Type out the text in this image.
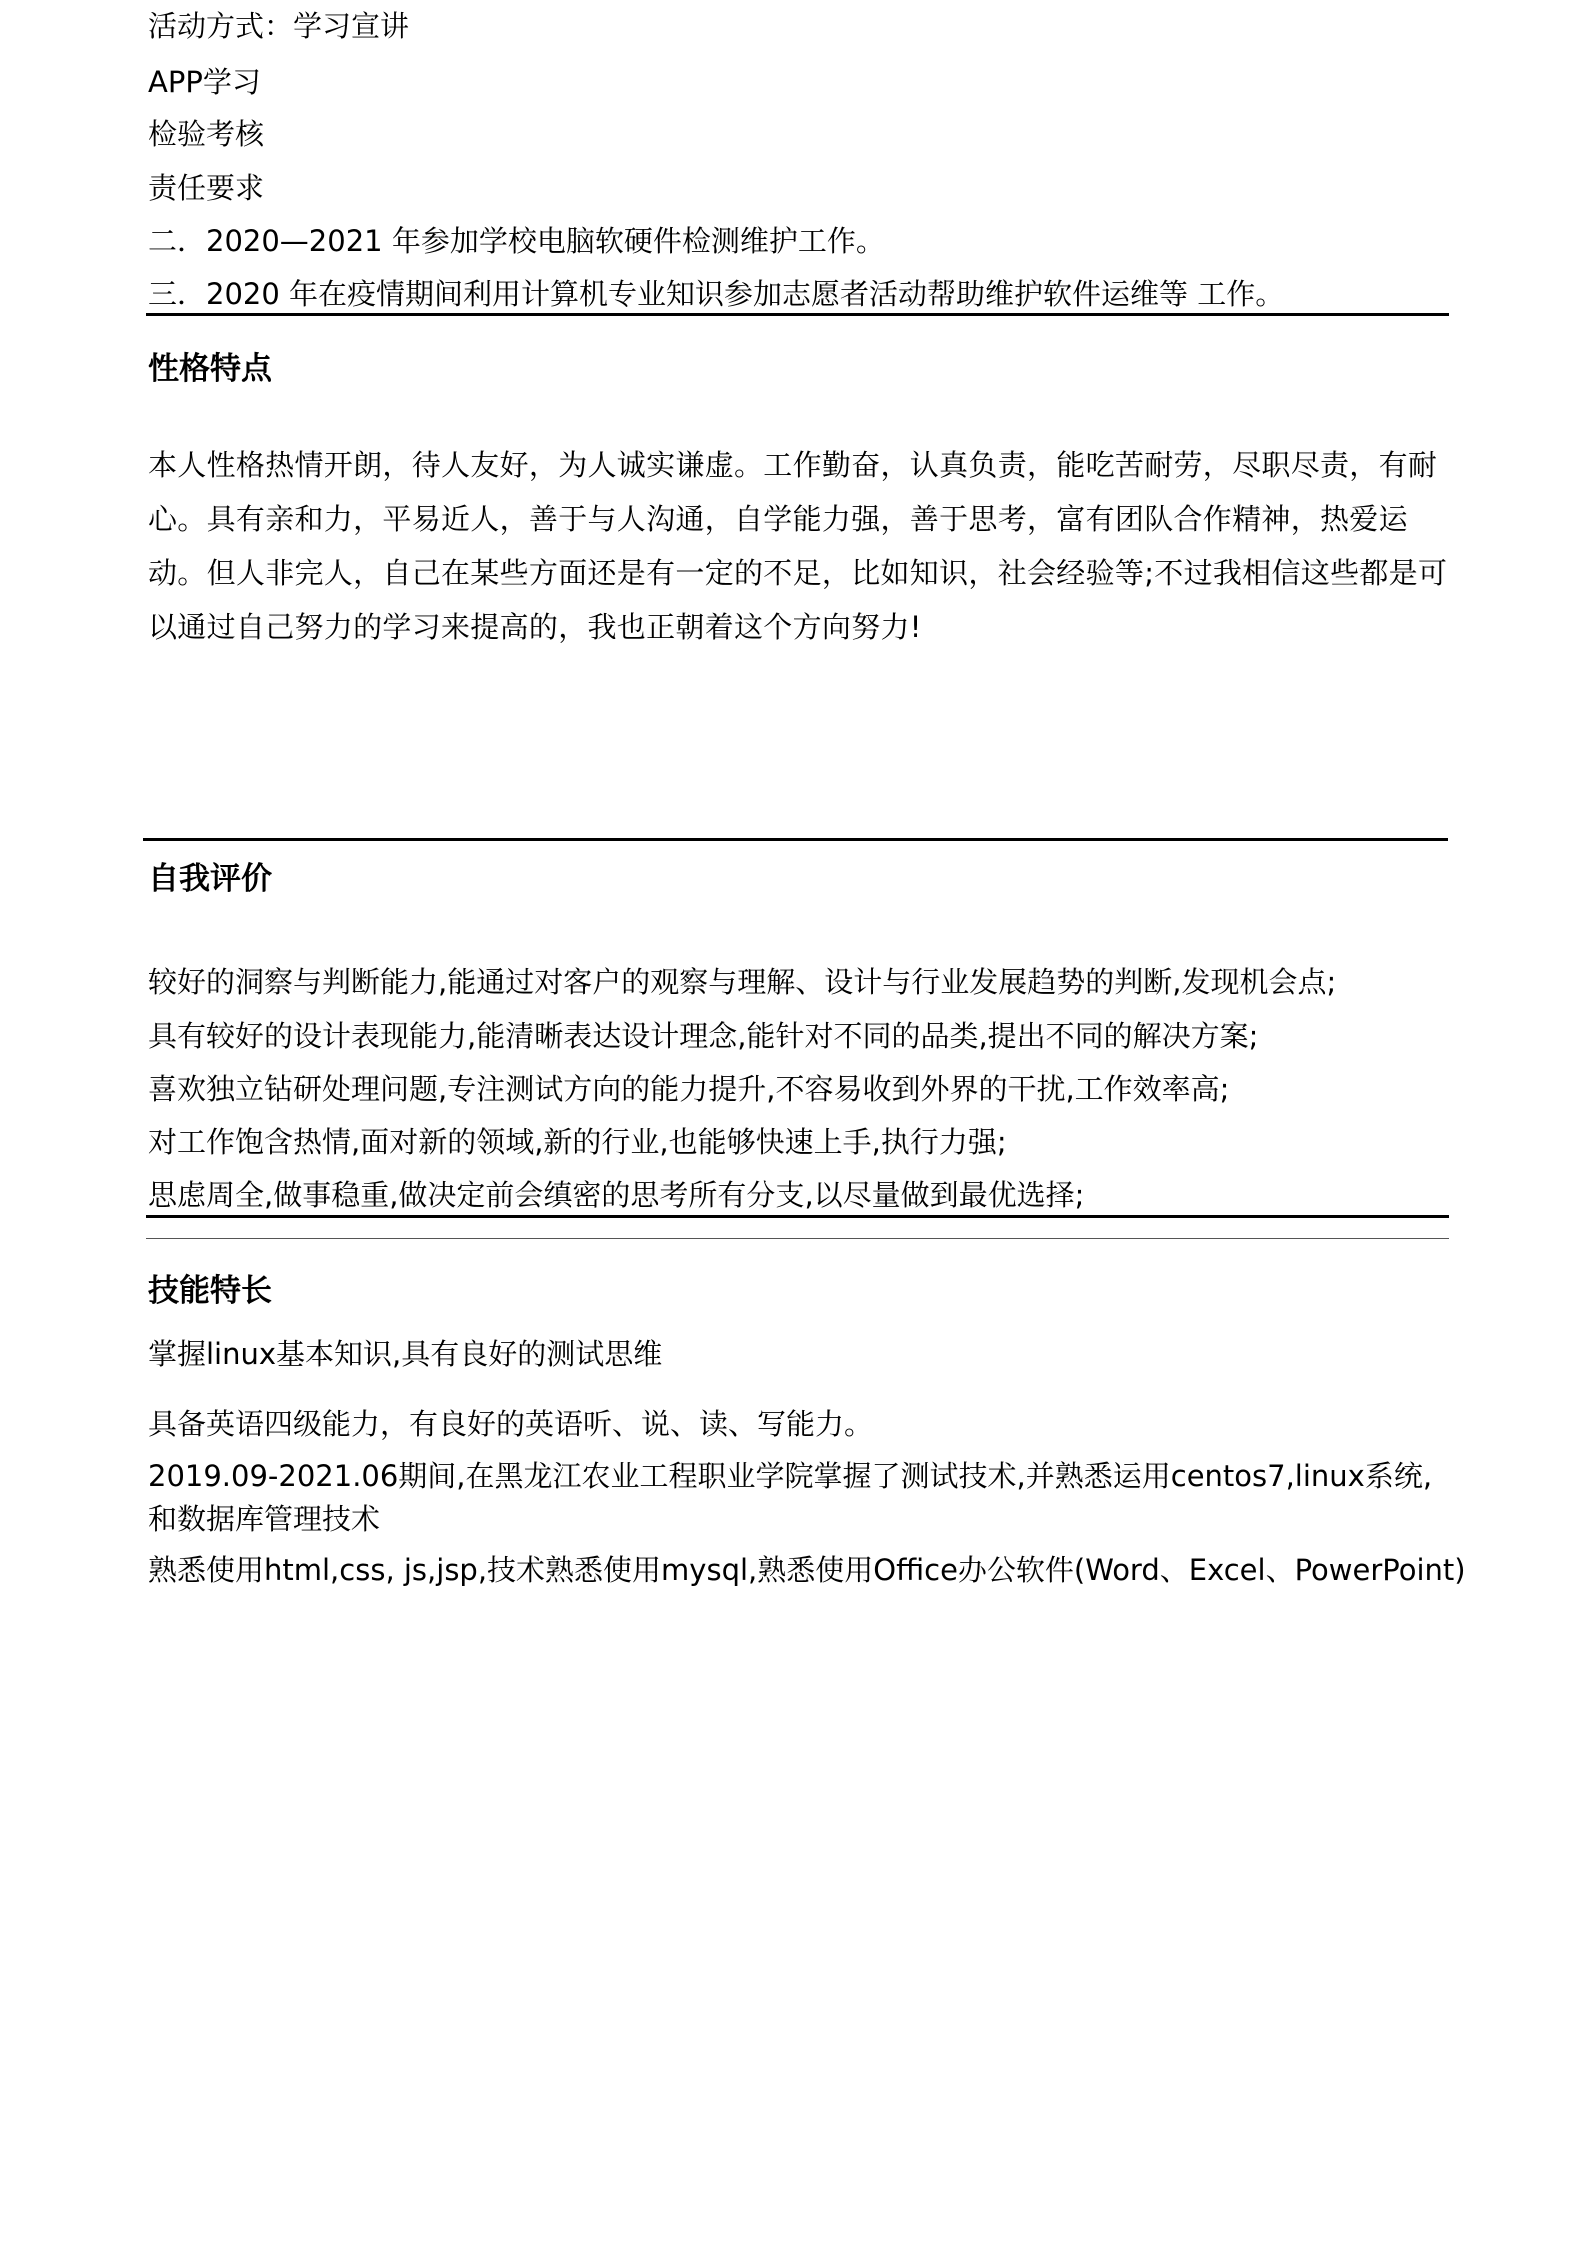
活动方式：学习宣讲
APP学习
检验考核
责任要求
二．2020—2021 年参加学校电脑软硬件检测维护工作。
三．2020 年在疫情期间利用计算机专业知识参加志愿者活动帮助维护软件运维等 工作。
性格特点
本人性格热情开朗，待人友好，为人诚实谦虚。工作勤奋，认真负责，能吃苦耐劳，尽职尽责，有耐心。具有亲和力，平易近人，善于与人沟通，自学能力强，善于思考，富有团队合作精神，热爱运动。但人非完人，自己在某些方面还是有一定的不足，比如知识，社会经验等;不过我相信这些都是可以通过自己努力的学习来提高的，我也正朝着这个方向努力!
自我评价
较好的洞察与判断能力,能通过对客户的观察与理解、设计与行业发展趋势的判断,发现机会点;
具有较好的设计表现能力,能清晰表达设计理念,能针对不同的品类,提出不同的解决方案;
喜欢独立钻研处理问题,专注测试方向的能力提升,不容易收到外界的干扰,工作效率高;
对工作饱含热情,面对新的领域,新的行业,也能够快速上手,执行力强;
思虑周全,做事稳重,做决定前会缜密的思考所有分支,以尽量做到最优选择;
技能特长
掌握linux基本知识,具有良好的测试思维
具备英语四级能力，有良好的英语听、说、读、写能力。
2019.09-2021.06期间,在黑龙江农业工程职业学院掌握了测试技术,并熟悉运用centos7,linux系统,和数据库管理技术
熟悉使用html,css, js,jsp,技术熟悉使用mysql,熟悉使用Office办公软件(Word、Excel、PowerPoint)
